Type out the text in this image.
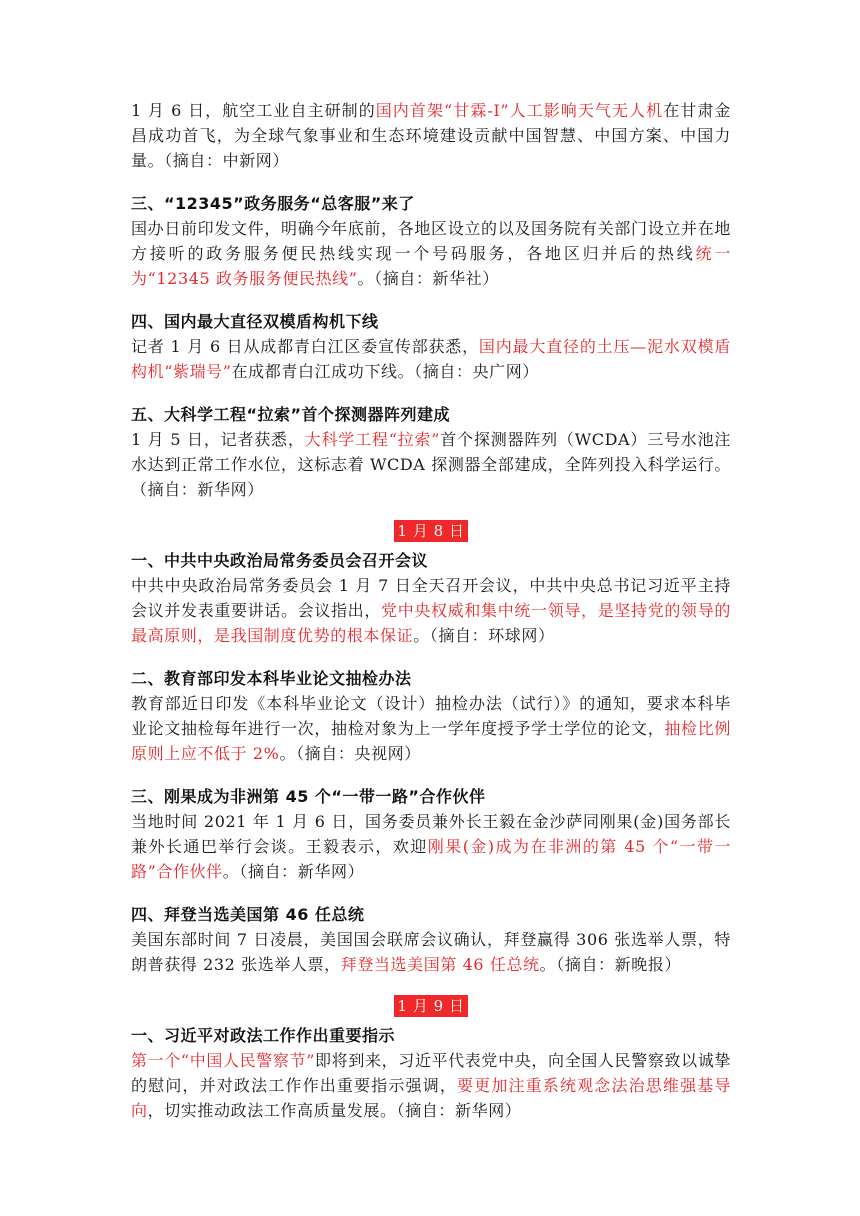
1 月 6 日，航空工业自主研制的国内首架“甘霖-I”人工影响天气无人机在甘肃金昌成功首飞，为全球气象事业和生态环境建设贡献中国智慧、中国方案、中国力量。（摘自：中新网）
三、“12345”政务服务“总客服”来了
国办日前印发文件，明确今年底前，各地区设立的以及国务院有关部门设立并在地方接听的政务服务便民热线实现一个号码服务，各地区归并后的热线统一为“12345 政务服务便民热线”。（摘自：新华社）
四、国内最大直径双模盾构机下线
记者 1 月 6 日从成都青白江区委宣传部获悉，国内最大直径的土压—泥水双模盾构机“紫瑞号”在成都青白江成功下线。（摘自：央广网）
五、大科学工程“拉索”首个探测器阵列建成
1 月 5 日，记者获悉，大科学工程“拉索”首个探测器阵列（WCDA）三号水池注水达到正常工作水位，这标志着 WCDA 探测器全部建成，全阵列投入科学运行。（摘自：新华网）
1 月 8 日
一、中共中央政治局常务委员会召开会议
中共中央政治局常务委员会 1 月 7 日全天召开会议，中共中央总书记习近平主持会议并发表重要讲话。会议指出，党中央权威和集中统一领导，是坚持党的领导的最高原则，是我国制度优势的根本保证。（摘自：环球网）
二、教育部印发本科毕业论文抽检办法
教育部近日印发《本科毕业论文（设计）抽检办法（试行）》的通知，要求本科毕业论文抽检每年进行一次，抽检对象为上一学年度授予学士学位的论文，抽检比例原则上应不低于 2%。（摘自：央视网）
三、刚果成为非洲第 45 个“一带一路”合作伙伴
当地时间 2021 年 1 月 6 日，国务委员兼外长王毅在金沙萨同刚果(金)国务部长兼外长通巴举行会谈。王毅表示，欢迎刚果(金)成为在非洲的第 45 个“一带一路”合作伙伴。（摘自：新华网）
四、拜登当选美国第 46 任总统
美国东部时间 7 日凌晨，美国国会联席会议确认，拜登赢得 306 张选举人票，特朗普获得 232 张选举人票，拜登当选美国第 46 任总统。（摘自：新晚报）
1 月 9 日
一、习近平对政法工作作出重要指示
第一个“中国人民警察节”即将到来，习近平代表党中央，向全国人民警察致以诚挚的慰问，并对政法工作作出重要指示强调，要更加注重系统观念法治思维强基导向，切实推动政法工作高质量发展。（摘自：新华网）
